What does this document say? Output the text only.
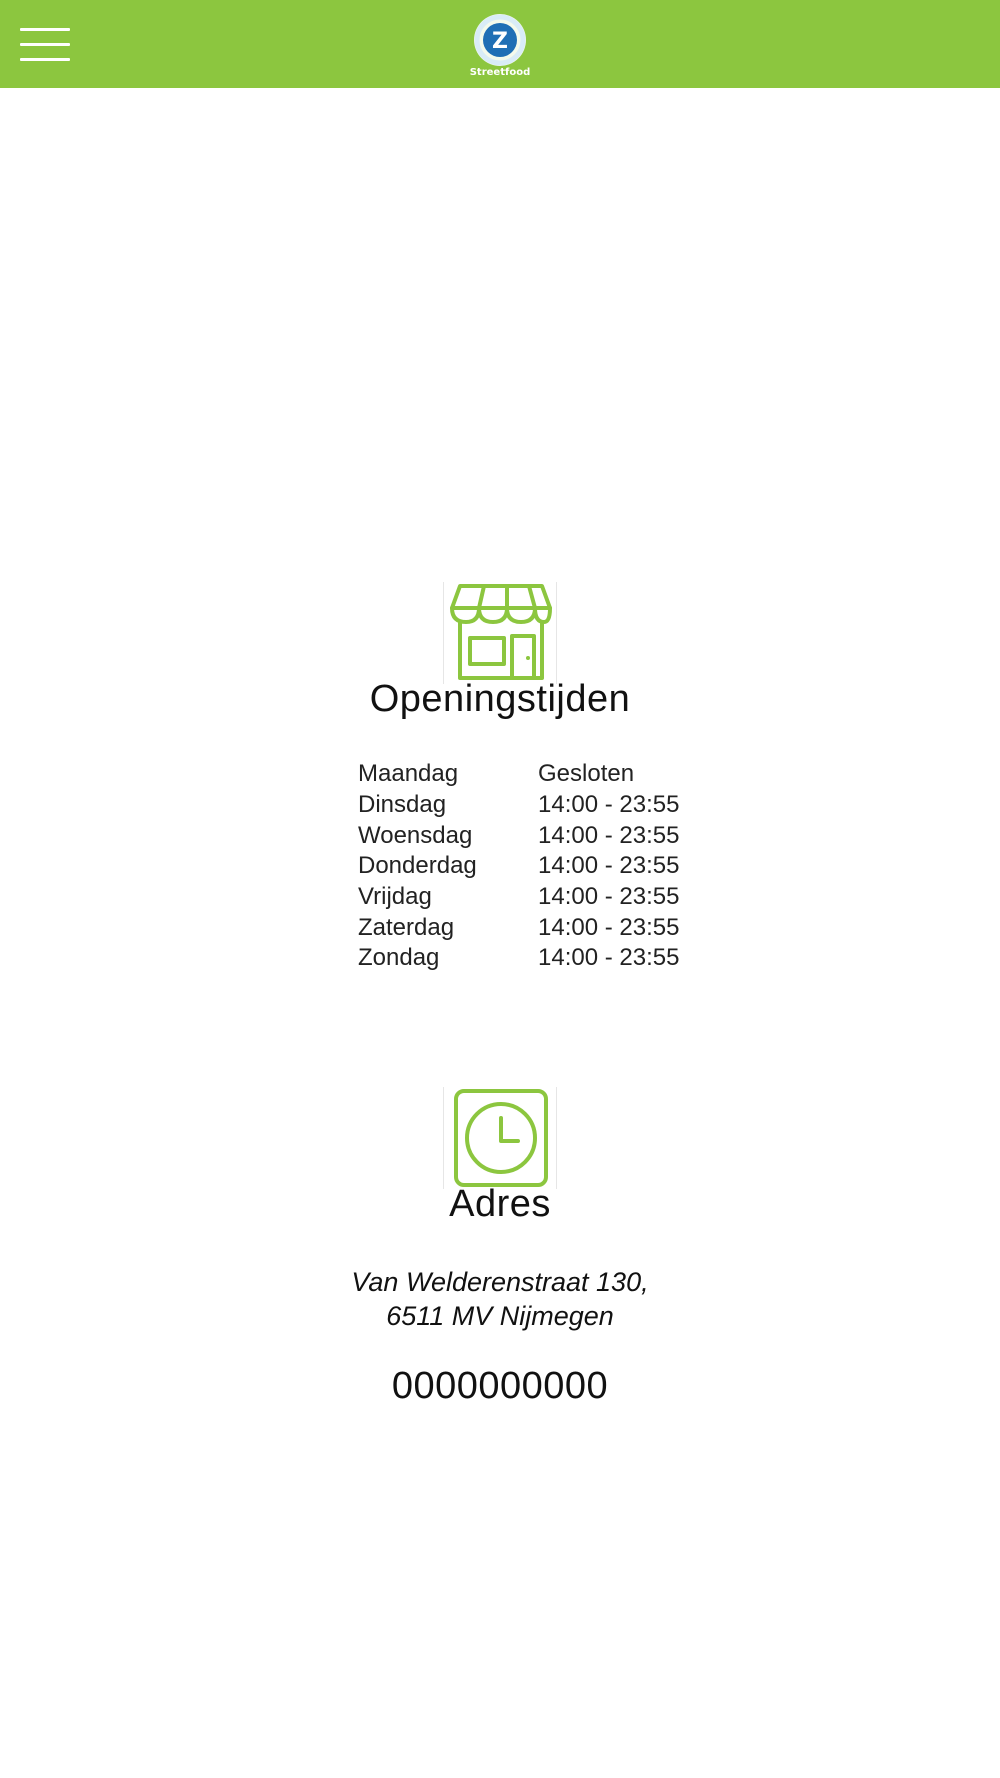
Z
Streetfood
Openingstijden
Maandag	Gesloten
Dinsdag	14:00 - 23:55
Woensdag	14:00 - 23:55
Donderdag	14:00 - 23:55
Vrijdag	14:00 - 23:55
Zaterdag	14:00 - 23:55
Zondag	14:00 - 23:55
Adres
Van Welderenstraat 130,
6511 MV Nijmegen
0000000000
